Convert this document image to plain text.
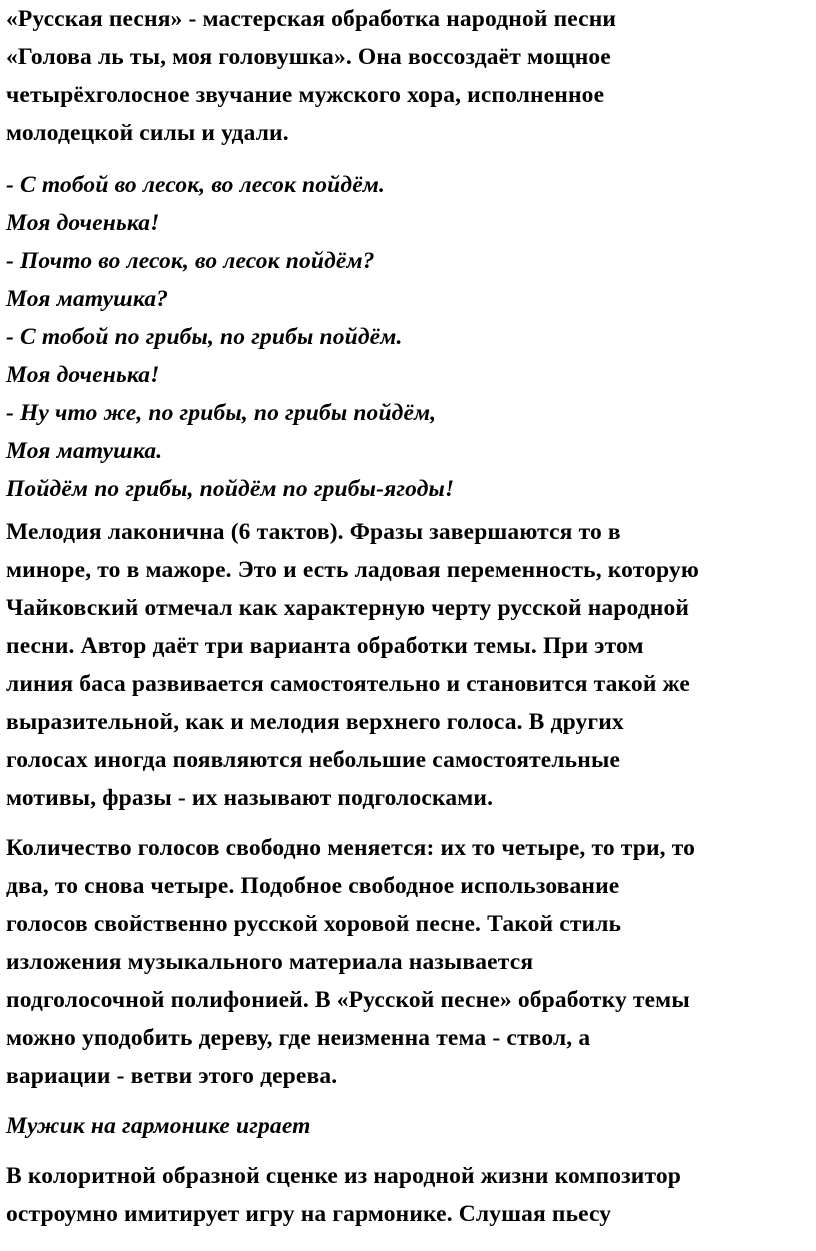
«Русская песня» - мастерская обработка народной песни
«Голова ль ты, моя головушка». Она воссоздаёт мощное
четырёхголосное звучание мужского хора, исполненное
молодецкой силы и удали.
- С тобой во лесок, во лесок пойдём.
Моя доченька!
- Почто во лесок, во лесок пойдём?
Моя матушка?
- С тобой по грибы, по грибы пойдём.
Моя доченька!
- Ну что же, по грибы, по грибы пойдём,
Моя матушка.
Пойдём по грибы, пойдём по грибы-ягоды!
Мелодия лаконична (6 тактов). Фразы завершаются то в
миноре, то в мажоре. Это и есть ладовая переменность, которую
Чайковский отмечал как характерную черту русской народной
песни. Автор даёт три варианта обработки темы. При этом
линия баса развивается самостоятельно и становится такой же
выразительной, как и мелодия верхнего голоса. В других
голосах иногда появляются небольшие самостоятельные
мотивы, фразы - их называют подголосками.
Количество голосов свободно меняется: их то четыре, то три, то
два, то снова четыре. Подобное свободное использование
голосов свойственно русской хоровой песне. Такой стиль
изложения музыкального материала называется
подголосочной полифонией. В «Русской песне» обработку темы
можно уподобить дереву, где неизменна тема - ствол, а
вариации - ветви этого дерева.
Мужик на гармонике играет
В колоритной образной сценке из народной жизни композитор
остроумно имитирует игру на гармонике. Слушая пьесу
